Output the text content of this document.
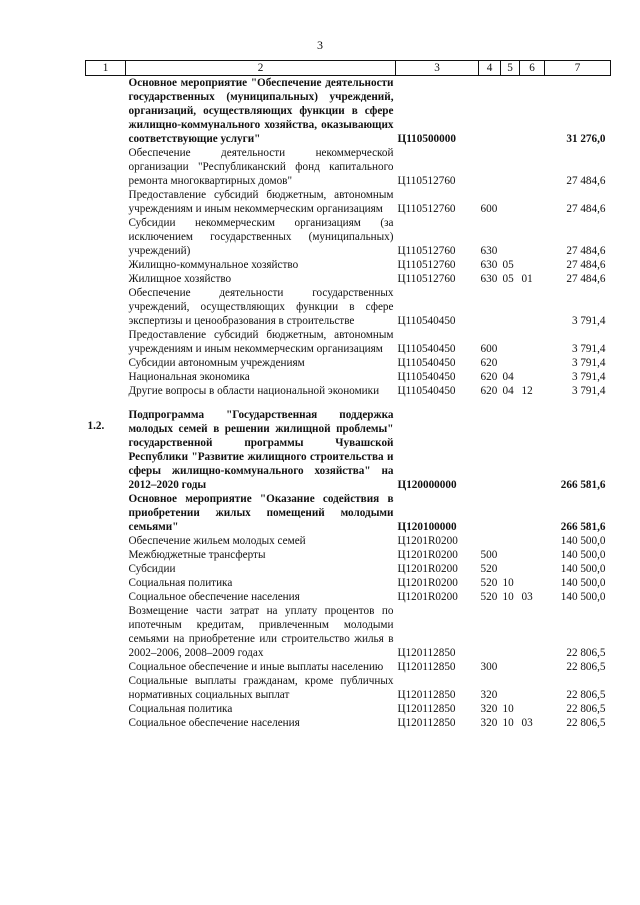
3
1	2	3	4	5	6	7
	Основное мероприятие "Обеспечение деятельности государственных (муниципальных) учреждений, организаций, осуществляющих функции в сфере жилищно-коммунального хозяйства, оказывающих соответствующие услуги"	Ц110500000				31 276,0
	Обеспечение деятельности некоммерческой организации "Республиканский фонд капитального ремонта многоквартирных домов"	Ц110512760				27 484,6
	Предоставление субсидий бюджетным, автономным учреждениям и иным некоммерческим организациям	Ц110512760	600			27 484,6
	Субсидии некоммерческим организациям (за исключением государственных (муниципальных) учреждений)	Ц110512760	630			27 484,6
	Жилищно-коммунальное хозяйство	Ц110512760	630	05		27 484,6
	Жилищное хозяйство	Ц110512760	630	05	01	27 484,6
	Обеспечение деятельности государственных учреждений, осуществляющих функции в сфере экспертизы и ценообразования в строительстве	Ц110540450				3 791,4
	Предоставление субсидий бюджетным, автономным учреждениям и иным некоммерческим организациям	Ц110540450	600			3 791,4
	Субсидии автономным учреждениям	Ц110540450	620			3 791,4
	Национальная экономика	Ц110540450	620	04		3 791,4
	Другие вопросы в области национальной экономики	Ц110540450	620	04	12	3 791,4

1.2.	Подпрограмма "Государственная поддержка молодых семей в решении жилищной проблемы" государственной программы Чувашской Республики "Развитие жилищного строительства и сферы жилищно-коммунального хозяйства" на 2012–2020 годы	Ц120000000				266 581,6
	Основное мероприятие "Оказание содействия в приобретении жилых помещений молодыми семьями"	Ц120100000				266 581,6
	Обеспечение жильем молодых семей	Ц1201R0200				140 500,0
	Межбюджетные трансферты	Ц1201R0200	500			140 500,0
	Субсидии	Ц1201R0200	520			140 500,0
	Социальная политика	Ц1201R0200	520	10		140 500,0
	Социальное обеспечение населения	Ц1201R0200	520	10	03	140 500,0
	Возмещение части затрат на уплату процентов по ипотечным кредитам, привлеченным молодыми семьями на приобретение или строительство жилья в 2002–2006, 2008–2009 годах	Ц120112850				22 806,5
	Социальное обеспечение и иные выплаты населению	Ц120112850	300			22 806,5
	Социальные выплаты гражданам, кроме публичных нормативных социальных выплат	Ц120112850	320			22 806,5
	Социальная политика	Ц120112850	320	10		22 806,5
	Социальное обеспечение населения	Ц120112850	320	10	03	22 806,5
